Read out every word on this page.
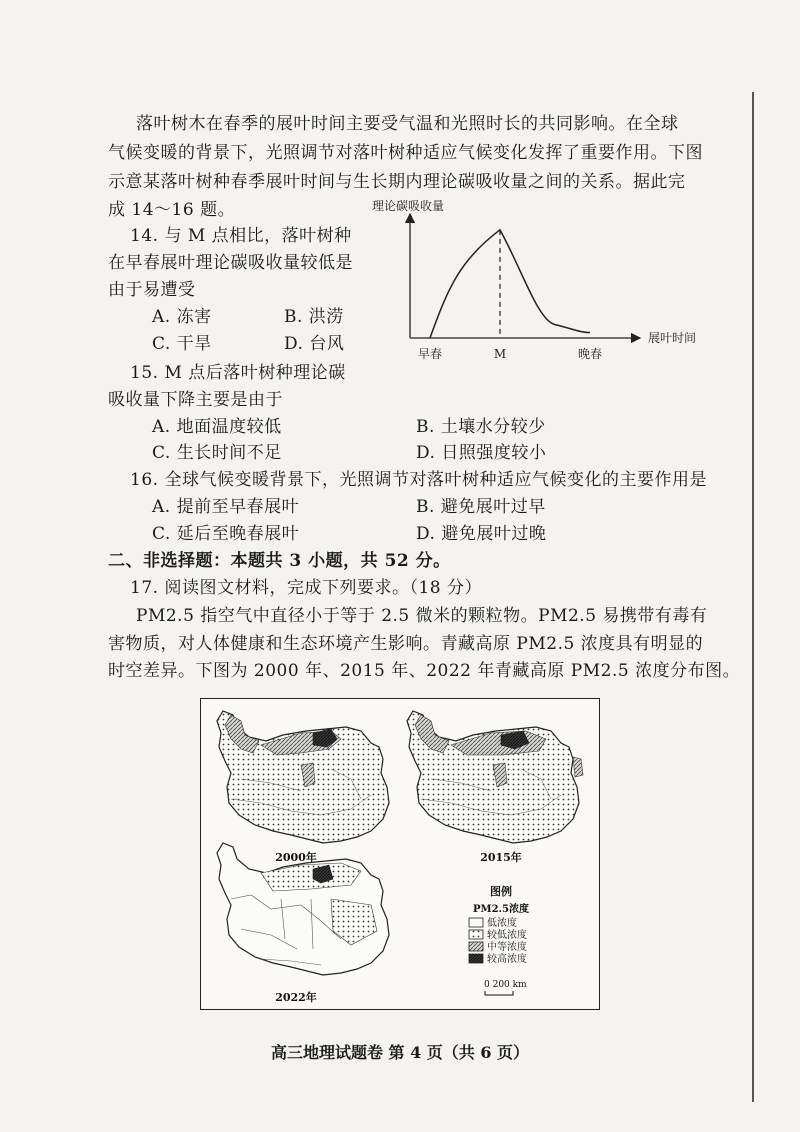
落叶树木在春季的展叶时间主要受气温和光照时长的共同影响。在全球
气候变暖的背景下，光照调节对落叶树种适应气候变化发挥了重要作用。下图
示意某落叶树种春季展叶时间与生长期内理论碳吸收量之间的关系。据此完
成 14～16 题。
14. 与 M 点相比，落叶树种
在早春展叶理论碳吸收量较低是
由于易遭受
A. 冻害	B. 洪涝
C. 干旱	D. 台风
理论碳吸收量
展叶时间
早春	M	晚春
15. M 点后落叶树种理论碳
吸收量下降主要是由于
A. 地面温度较低	B. 土壤水分较少
C. 生长时间不足	D. 日照强度较小
16. 全球气候变暖背景下，光照调节对落叶树种适应气候变化的主要作用是
A. 提前至早春展叶	B. 避免展叶过早
C. 延后至晚春展叶	D. 避免展叶过晚
二、非选择题：本题共 3 小题，共 52 分。
17. 阅读图文材料，完成下列要求。（18 分）
PM2.5 指空气中直径小于等于 2.5 微米的颗粒物。PM2.5 易携带有毒有
害物质，对人体健康和生态环境产生影响。青藏高原 PM2.5 浓度具有明显的
时空差异。下图为 2000 年、2015 年、2022 年青藏高原 PM2.5 浓度分布图。
2000年	2015年
2022年
图例
PM2.5浓度
低浓度
较低浓度
中等浓度
较高浓度
0 200 km
高三地理试题卷 第 4 页（共 6 页）
